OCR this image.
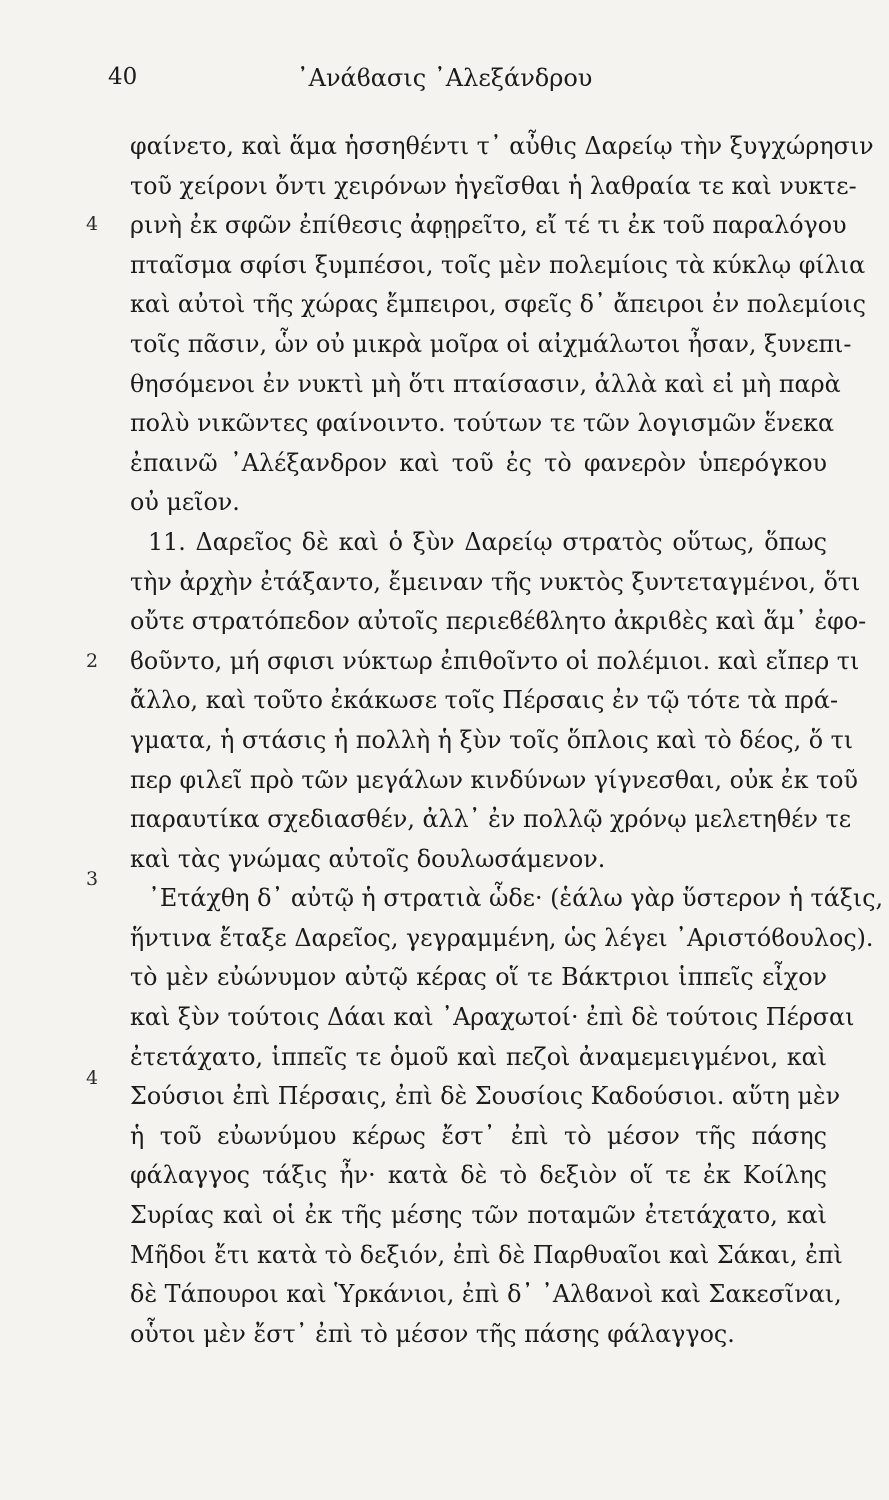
40	᾿Ανάϐασις ᾿Αλεξάνδρου
4
2
3
4
φαίνετο, καὶ ἅμα ἡσσηθέντι τ᾿ αὖθις Δαρείῳ τὴν ξυγχώρησιν
τοῦ χείρονι ὄντι χειρόνων ἡγεῖσθαι ἡ λαθραία τε καὶ νυκτε-
ρινὴ ἐκ σφῶν ἐπίθεσις ἀφῃρεῖτο, εἴ τέ τι ἐκ τοῦ παραλόγου
πταῖσμα σφίσι ξυμπέσοι, τοῖς μὲν πολεμίοις τὰ κύκλῳ φίλια
καὶ αὐτοὶ τῆς χώρας ἔμπειροι, σφεῖς δ᾿ ἄπειροι ἐν πολεμίοις
τοῖς πᾶσιν, ὧν οὐ μικρὰ μοῖρα οἱ αἰχμάλωτοι ἦσαν, ξυνεπι-
θησόμενοι ἐν νυκτὶ μὴ ὅτι πταίσασιν, ἀλλὰ καὶ εἰ μὴ παρὰ
πολὺ νικῶντες φαίνοιντο. τούτων τε τῶν λογισμῶν ἕνεκα
ἐπαινῶ ᾿Αλέξανδρον καὶ τοῦ ἐς τὸ φανερὸν ὑπερόγκου
οὐ μεῖον.
11. Δαρεῖος δὲ καὶ ὁ ξὺν Δαρείῳ στρατὸς οὕτως, ὅπως
τὴν ἀρχὴν ἐτάξαντο, ἔμειναν τῆς νυκτὸς ξυντεταγμένοι, ὅτι
οὔτε στρατόπεδον αὐτοῖς περιεϐέϐλητο ἀκριϐὲς καὶ ἅμ᾿ ἐφο-
ϐοῦντο, μή σφισι νύκτωρ ἐπιθοῖντο οἱ πολέμιοι. καὶ εἴπερ τι
ἄλλο, καὶ τοῦτο ἐκάκωσε τοῖς Πέρσαις ἐν τῷ τότε τὰ πρά-
γματα, ἡ στάσις ἡ πολλὴ ἡ ξὺν τοῖς ὅπλοις καὶ τὸ δέος, ὅ τι
περ φιλεῖ πρὸ τῶν μεγάλων κινδύνων γίγνεσθαι, οὐκ ἐκ τοῦ
παραυτίκα σχεδιασθέν, ἀλλ᾿ ἐν πολλῷ χρόνῳ μελετηθέν τε
καὶ τὰς γνώμας αὐτοῖς δουλωσάμενον.
᾿Ετάχθη δ᾿ αὐτῷ ἡ στρατιὰ ὧδε· (ἑάλω γὰρ ὕστερον ἡ τάξις,
ἥντινα ἔταξε Δαρεῖος, γεγραμμένη, ὡς λέγει ᾿Αριστόϐουλος).
τὸ μὲν εὐώνυμον αὐτῷ κέρας οἵ τε Βάκτριοι ἱππεῖς εἶχον
καὶ ξὺν τούτοις Δάαι καὶ ᾿Αραχωτοί· ἐπὶ δὲ τούτοις Πέρσαι
ἐτετάχατο, ἱππεῖς τε ὁμοῦ καὶ πεζοὶ ἀναμεμειγμένοι, καὶ
Σούσιοι ἐπὶ Πέρσαις, ἐπὶ δὲ Σουσίοις Καδούσιοι. αὕτη μὲν
ἡ τοῦ εὐωνύμου κέρως ἔστ᾿ ἐπὶ τὸ μέσον τῆς πάσης
φάλαγγος τάξις ἦν· κατὰ δὲ τὸ δεξιὸν οἵ τε ἐκ Κοίλης
Συρίας καὶ οἱ ἐκ τῆς μέσης τῶν ποταμῶν ἐτετάχατο, καὶ
Μῆδοι ἔτι κατὰ τὸ δεξιόν, ἐπὶ δὲ Παρθυαῖοι καὶ Σάκαι, ἐπὶ
δὲ Τάπουροι καὶ Ὑρκάνιοι, ἐπὶ δ᾿ ᾿Αλϐανοὶ καὶ Σακεσῖναι,
οὗτοι μὲν ἔστ᾿ ἐπὶ τὸ μέσον τῆς πάσης φάλαγγος.
